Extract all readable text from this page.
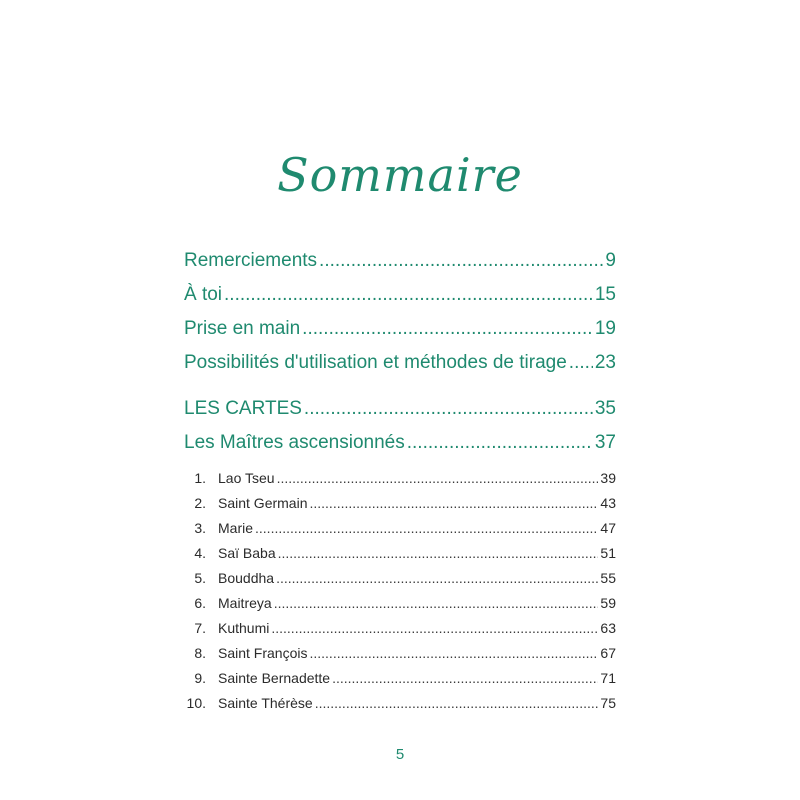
Sommaire
Remerciements .....	9
À toi .....	15
Prise en main .....	19
Possibilités d'utilisation et méthodes de tirage ..... 23
LES CARTES .....	35
Les Maîtres ascensionnés .....	37
1. Lao Tseu .....	39
2. Saint Germain .....	43
3. Marie .....	47
4. Saï Baba .....	51
5. Bouddha .....	55
6. Maitreya .....	59
7. Kuthumi .....	63
8. Saint François .....	67
9. Sainte Bernadette .....	71
10. Sainte Thérèse .....	75
5
